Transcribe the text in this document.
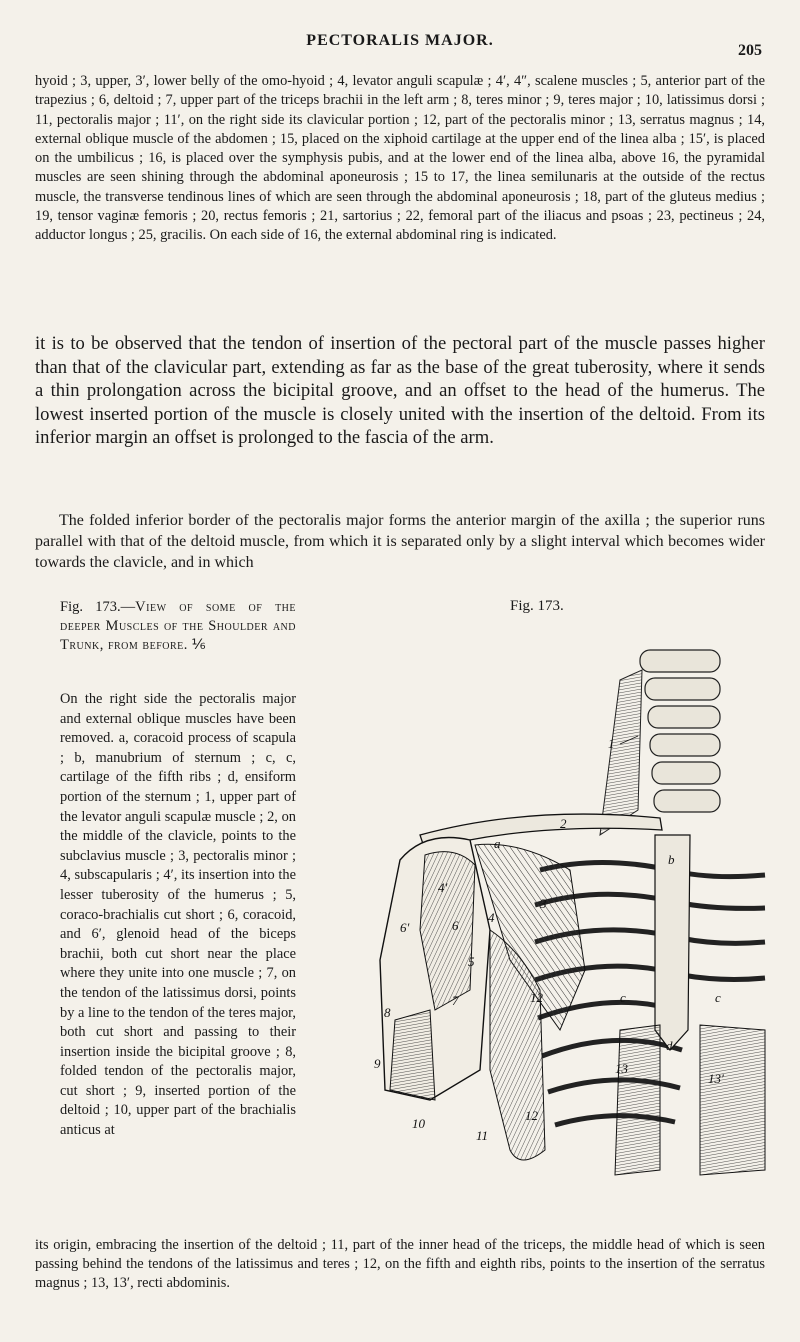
PECTORALIS MAJOR.
205
hyoid ; 3, upper, 3′, lower belly of the omo-hyoid ; 4, levator anguli scapulæ ; 4′, 4″, scalene muscles ; 5, anterior part of the trapezius ; 6, deltoid ; 7, upper part of the triceps brachii in the left arm ; 8, teres minor ; 9, teres major ; 10, latissimus dorsi ; 11, pectoralis major ; 11′, on the right side its clavicular portion ; 12, part of the pectoralis minor ; 13, serratus magnus ; 14, external oblique muscle of the abdomen ; 15, placed on the xiphoid cartilage at the upper end of the linea alba ; 15′, is placed on the umbilicus ; 16, is placed over the symphysis pubis, and at the lower end of the linea alba, above 16, the pyramidal muscles are seen shining through the abdominal aponeurosis ; 15 to 17, the linea semilunaris at the outside of the rectus muscle, the transverse tendinous lines of which are seen through the abdominal aponeurosis ; 18, part of the gluteus medius ; 19, tensor vaginæ femoris ; 20, rectus femoris ; 21, sartorius ; 22, femoral part of the iliacus and psoas ; 23, pectineus ; 24, adductor longus ; 25, gracilis. On each side of 16, the external abdominal ring is indicated.
it is to be observed that the tendon of insertion of the pectoral part of the muscle passes higher than that of the clavicular part, extending as far as the base of the great tuberosity, where it sends a thin prolongation across the bicipital groove, and an offset to the head of the humerus. The lowest inserted portion of the muscle is closely united with the insertion of the deltoid. From its inferior margin an offset is prolonged to the fascia of the arm.
The folded inferior border of the pectoralis major forms the anterior margin of the axilla ; the superior runs parallel with that of the deltoid muscle, from which it is separated only by a slight interval which becomes wider towards the clavicle, and in which
Fig. 173.—View of some of the deeper Muscles of the Shoulder and Trunk, from before. ⅙
On the right side the pectoralis major and external oblique muscles have been removed. a, coracoid process of scapula ; b, manubrium of sternum ; c, c, cartilage of the fifth ribs ; d, ensiform portion of the sternum ; 1, upper part of the levator anguli scapulæ muscle ; 2, on the middle of the clavicle, points to the subclavius muscle ; 3, pectoralis minor ; 4, subscapularis ; 4′, its insertion into the lesser tuberosity of the humerus ; 5, coraco-brachialis cut short ; 6, coracoid, and 6′, glenoid head of the biceps brachii, both cut short near the place where they unite into one muscle ; 7, on the tendon of the latissimus dorsi, points by a line to the tendon of the teres major, both cut short and passing to their insertion inside the bicipital groove ; 8, folded tendon of the pectoralis major, cut short ; 9, inserted portion of the deltoid ; 10, upper part of the brachialis anticus at
Fig. 173.
1
2
3
4
4′
5
6
6′
7
8
9
10
11
12
12
13
13′
a
b
c	c
d
its origin, embracing the insertion of the deltoid ; 11, part of the inner head of the triceps, the middle head of which is seen passing behind the tendons of the latissimus and teres ; 12, on the fifth and eighth ribs, points to the insertion of the serratus magnus ; 13, 13′, recti abdominis.
